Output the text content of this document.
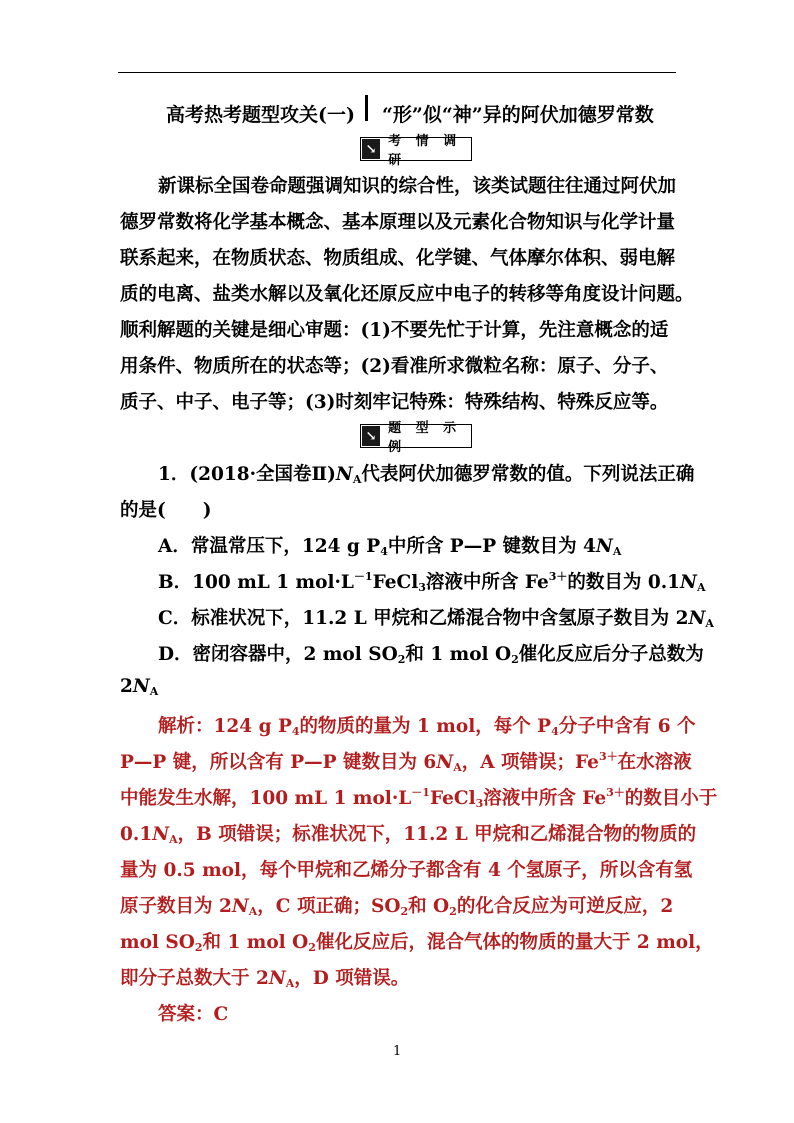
高考热考题型攻关(一) “形”似“神”异的阿伏加德罗常数
↘ 考 情 调 研
新课标全国卷命题强调知识的综合性，该类试题往往通过阿伏加
德罗常数将化学基本概念、基本原理以及元素化合物知识与化学计量
联系起来，在物质状态、物质组成、化学键、气体摩尔体积、弱电解
质的电离、盐类水解以及氧化还原反应中电子的转移等角度设计问题。
顺利解题的关键是细心审题：(1)不要先忙于计算，先注意概念的适
用条件、物质所在的状态等；(2)看准所求微粒名称：原子、分子、
质子、中子、电子等；(3)时刻牢记特殊：特殊结构、特殊反应等。
↘ 题 型 示 例
1．(2018·全国卷$Ⅱ)N_A$代表阿伏加德罗常数的值。下列说法正确
的是(　　)
A．常温常压下，124 g $P_4$中所含 P—P 键数目为 $4N_A$
B．100 mL 1 $mol\cdot L^{-1}FeCl_3$溶液中所含 $Fe^{3+}$的数目为 $0.1N_A$
C．标准状况下，11.2 L 甲烷和乙烯混合物中含氢原子数目为 $2N_A$
D．密闭容器中，2 mol $SO_2$和 1 mol $O_2$催化反应后分子总数为
$2N_A$
解析：124 g $P_4$的物质的量为 1 mol，每个 $P_4$分子中含有 6 个
P—P 键，所以含有 P—P 键数目为 $6N_A$，A 项错误；$Fe^{3+}$在水溶液
中能发生水解，100 mL 1 $mol\cdot L^{-1}FeCl_3$溶液中所含 $Fe^{3+}$的数目小于
$0.1N_A$，B 项错误；标准状况下，11.2 L 甲烷和乙烯混合物的物质的
量为 0.5 mol，每个甲烷和乙烯分子都含有 4 个氢原子，所以含有氢
原子数目为 $2N_A$，C 项正确；$SO_2$和 $O_2$的化合反应为可逆反应，2
mol $SO_2$和 1 mol $O_2$催化反应后，混合气体的物质的量大于 2 mol，
即分子总数大于 $2N_A$，D 项错误。
答案：C
1
